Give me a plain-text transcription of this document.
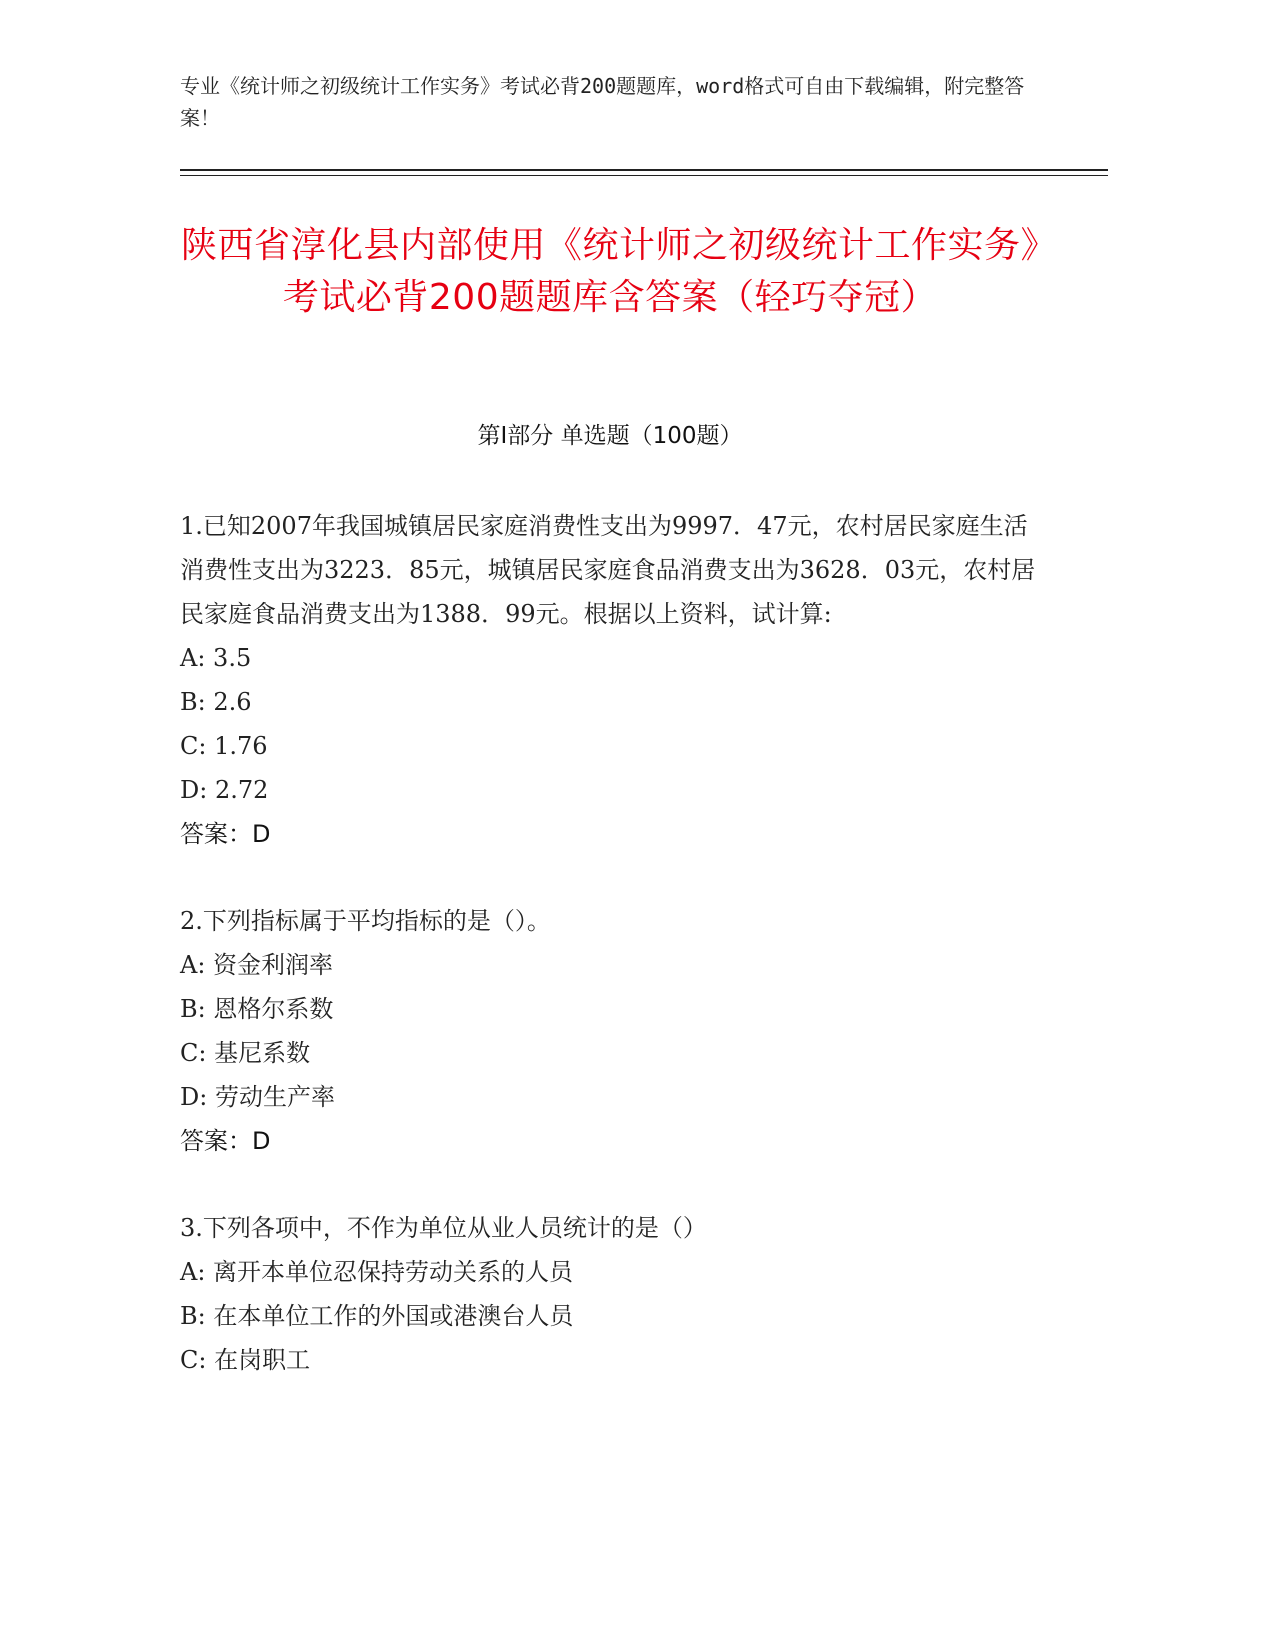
专业《统计师之初级统计工作实务》考试必背200题题库，word格式可自由下载编辑，附完整答案！
陕西省淳化县内部使用《统计师之初级统计工作实务》考试必背200题题库含答案（轻巧夺冠）
第Ⅰ部分 单选题（100题）

1.已知2007年我国城镇居民家庭消费性支出为9997．47元，农村居民家庭生活消费性支出为3223．85元，城镇居民家庭食品消费支出为3628．03元，农村居民家庭食品消费支出为1388．99元。根据以上资料，试计算:

A: 3.5

B: 2.6

C: 1.76

D: 2.72

答案：D

2.下列指标属于平均指标的是（）。

A: 资金利润率

B: 恩格尔系数

C: 基尼系数

D: 劳动生产率

答案：D

3.下列各项中，不作为单位从业人员统计的是（）

A: 离开本单位忍保持劳动关系的人员

B: 在本单位工作的外国或港澳台人员

C: 在岗职工
